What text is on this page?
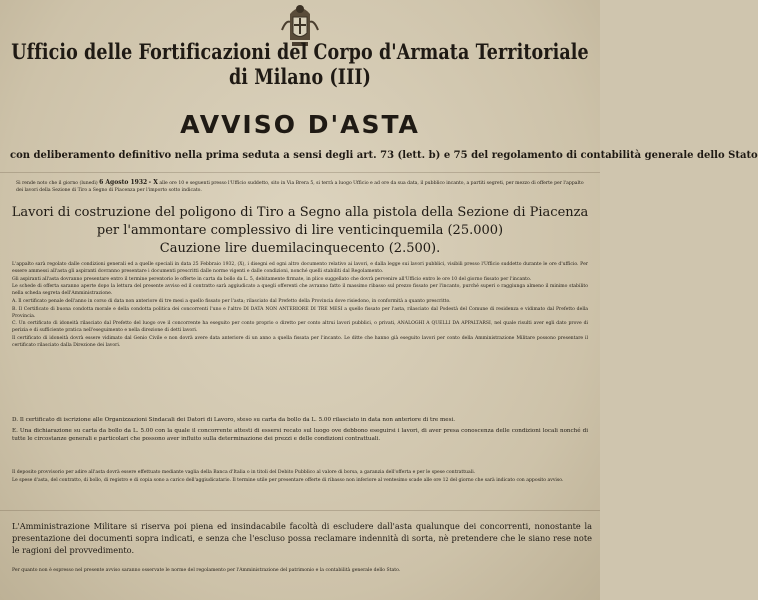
Ufficio delle Fortificazioni del Corpo d'Armata Territoriale di Milano (III)
AVVISO D'ASTA
con deliberamento definitivo nella prima seduta a sensi degli art. 73 (lett. b) e 75 del regolamento di contabilità generale dello Stato
Si rende noto che il giorno (lunedì) 6 Agosto 1932 - X alle ore 10 e seguenti presso l'Ufficio suddetto, sito in Via Brera 5, si terrà a luogo Ufficio e ad ore da sua data, il pubblico incanto, a partiti segreti, per mezzo di offerte per l'appalto dei lavori della Sezione di Tiro a Segno di Piacenza per l'importo sotto indicato.
Lavori di costruzione del poligono di Tiro a Segno alla pistola della Sezione di Piacenza
per l'ammontare complessivo di lire venticinquemila (25.000)
Cauzione lire duemilacinquecento (2.500).

L'appalto sarà regolato dalle condizioni generali ed a quelle speciali in data 25 Febbraio 1932, (X), i disegni ed ogni altro documento relativo ai lavori, e dalla legge sui lavori pubblici, visibili presso l'Ufficio suddetto durante le ore d'ufficio. Per essere ammessi all'asta gli aspiranti dovranno presentare i documenti prescritti dalle norme vigenti e dalle condizioni, nonché quelli stabiliti dal Regolamento.

Gli aspiranti all'asta dovranno presentare entro il termine perentorio le offerte in carta da bollo da L. 5, debitamente firmate, in plico suggellato che dovrà pervenire all'Ufficio entro le ore 10 del giorno fissato per l'incanto.

Le schede di offerta saranno aperte dopo la lettura del presente avviso ed il contratto sarà aggiudicato a quegli offerenti che avranno fatto il massimo ribasso sul prezzo fissato per l'incanto, purché superi o raggiunga almeno il minimo stabilito nella scheda segreta dell'Amministrazione.

A. Il certificato penale dell'anno in corso di data non anteriore di tre mesi a quello fissato per l'asta; rilasciato dal Prefetto della Provincia dove risiedono, in conformità a quanto prescritto.

B. Il Certificato di buona condotta morale e della condotta politica dei concorrenti l'uno e l'altro DI DATA NON ANTERIORE DI TRE MESI a quello fissato per l'asta, rilasciato dal Podestà del Comune di residenza e vidimato dal Prefetto della Provincia.

C. Un certificato di idoneità rilasciato dal Prefetto del luogo ove il concorrente ha eseguito per conto proprio o diretto per conto altrui lavori pubblici, o privati, ANALOGHI A QUELLI DA APPALTARSI, nel quale risulti aver egli dato prove di perizia e di sufficiente pratica nell'eseguimento e nella direzione di detti lavori.

Il certificato di idoneità dovrà essere vidimato dal Genio Civile e non dovrà avere data anteriore di un anno a quella fissata per l'incanto. Le ditte che hanno già eseguito lavori per conto della Amministrazione Militare possono presentare il certificato rilasciato dalla Direzione dei lavori.

D. Il certificato di iscrizione alle Organizzazioni Sindacali dei Datori di Lavoro, steso su carta da bollo da L. 5.00 rilasciato in data non anteriore di tre mesi.

E. Una dichiarazione su carta da bollo da L. 5.00 con la quale il concorrente attesti di essersi recato sul luogo ove debbono eseguirsi i lavori, di aver presa conoscenza delle condizioni locali nonché di tutte le circostanze generali e particolari che possono aver influito sulla determinazione dei prezzi e delle condizioni contrattuali.

Il deposito provvisorio per adire all'asta dovrà essere effettuato mediante vaglia della Banca d'Italia o in titoli del Debito Pubblico al valore di borsa, a garanzia dell'offerta e per le spese contrattuali.

Le spese d'asta, del contratto, di bollo, di registro e di copia sono a carico dell'aggiudicatario. Il termine utile per presentare offerte di ribasso non inferiore al ventesimo scade alle ore 12 del giorno che sarà indicato con apposito avviso.

L'Amministrazione Militare si riserva poi piena ed insindacabile facoltà di escludere dall'asta qualunque dei concorrenti, nonostante la presentazione dei documenti sopra indicati, e senza che l'escluso possa reclamare indennità di sorta, nè pretendere che le siano rese note le ragioni del provvedimento.

Per quanto non è espresso nel presente avviso saranno osservate le norme del regolamento per l'Amministrazione del patrimonio e la contabilità generale dello Stato.
